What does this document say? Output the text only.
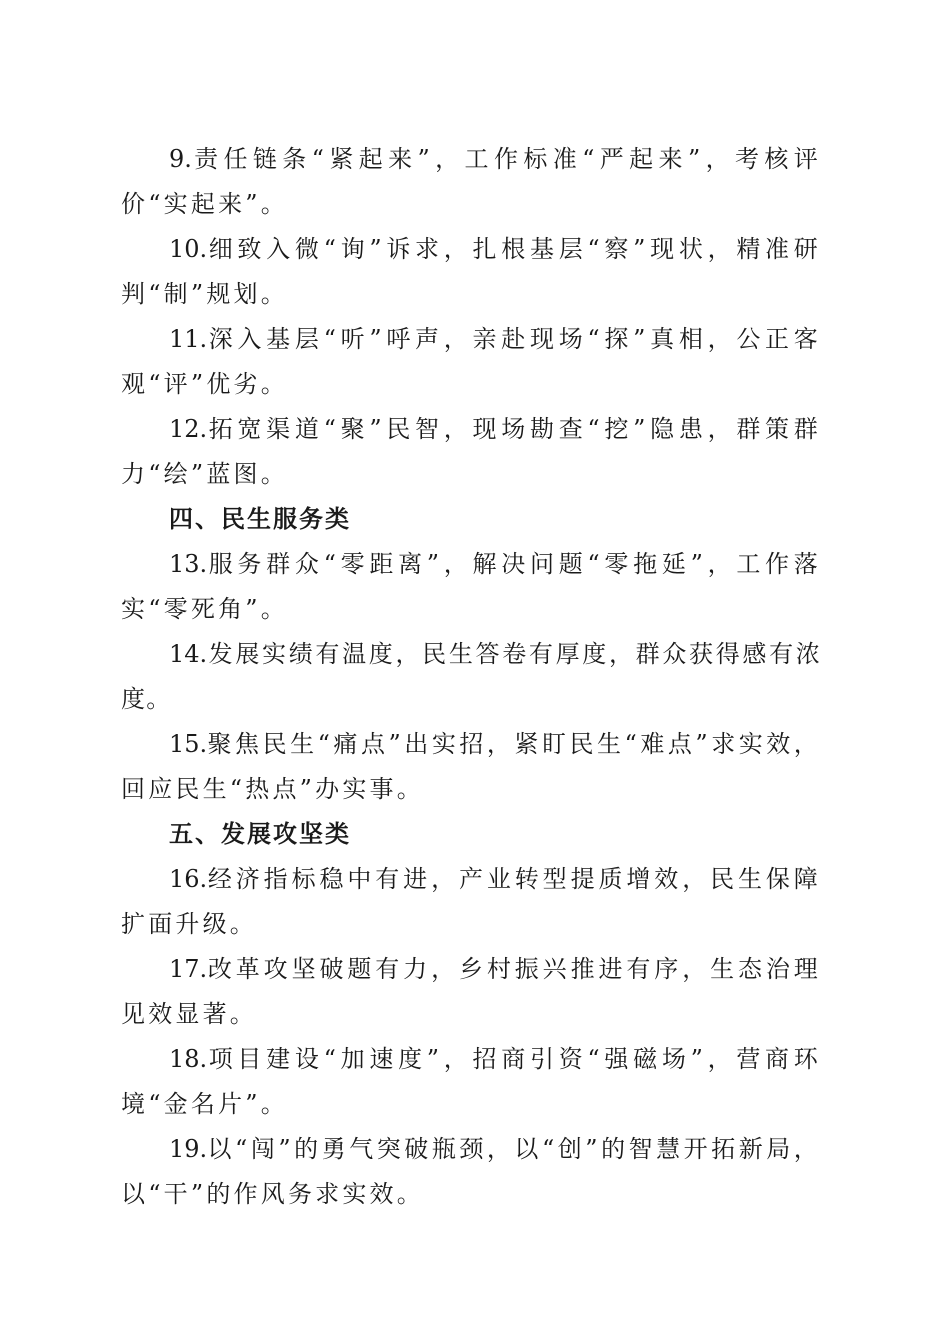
9.责任链条“紧起来”，工作标准“严起来”，考核评价“实起来”。

10.细致入微“询”诉求，扎根基层“察”现状，精准研判“制”规划。

11.深入基层“听”呼声，亲赴现场“探”真相，公正客观“评”优劣。

12.拓宽渠道“聚”民智，现场勘查“挖”隐患，群策群力“绘”蓝图。

四、民生服务类

13.服务群众“零距离”，解决问题“零拖延”，工作落实“零死角”。

14.发展实绩有温度，民生答卷有厚度，群众获得感有浓度。

15.聚焦民生“痛点”出实招，紧盯民生“难点”求实效，回应民生“热点”办实事。

五、发展攻坚类

16.经济指标稳中有进，产业转型提质增效，民生保障扩面升级。

17.改革攻坚破题有力，乡村振兴推进有序，生态治理见效显著。

18.项目建设“加速度”，招商引资“强磁场”，营商环境“金名片”。

19.以“闯”的勇气突破瓶颈，以“创”的智慧开拓新局，以“干”的作风务求实效。
